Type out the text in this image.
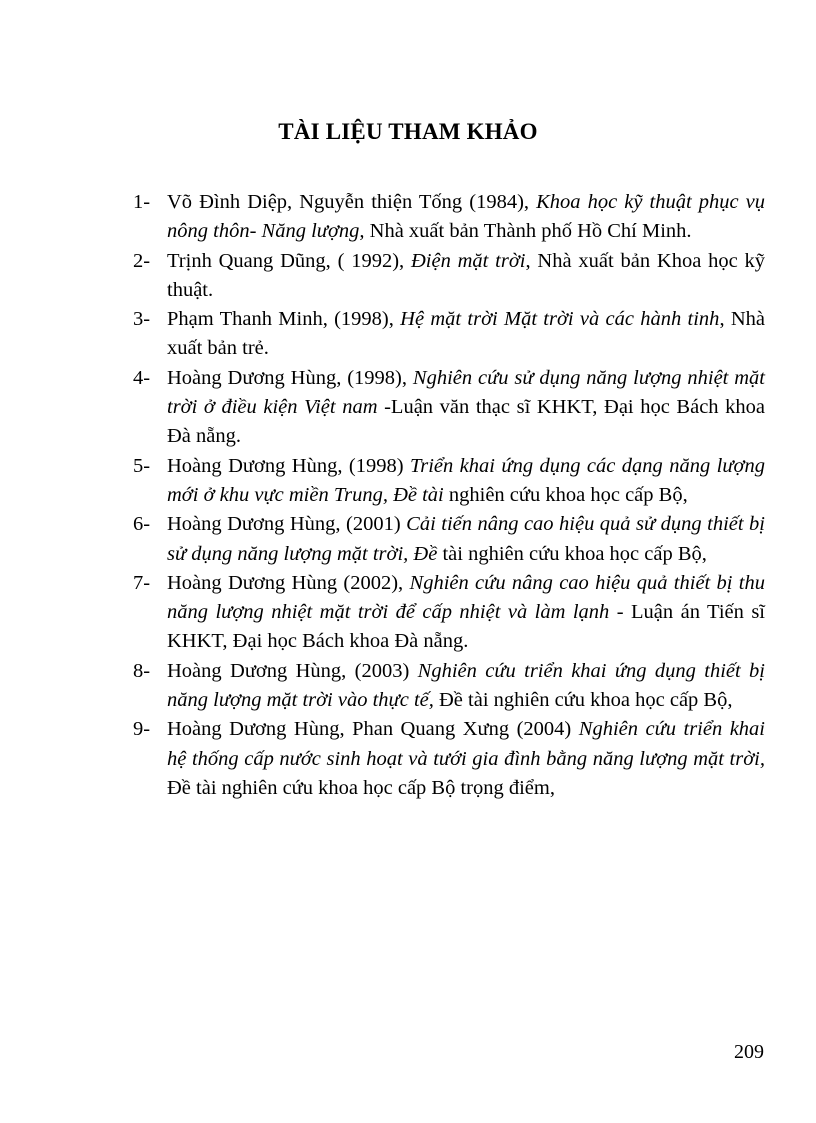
TÀI LIỆU THAM KHẢO
1- Võ Đình Diệp, Nguyễn thiện Tống (1984), Khoa học kỹ thuật phục vụ nông thôn- Năng lượng, Nhà xuất bản Thành phố Hồ Chí Minh.
2- Trịnh Quang Dũng, ( 1992), Điện mặt trời, Nhà xuất bản Khoa học kỹ thuật.
3- Phạm Thanh Minh, (1998), Hệ mặt trời Mặt trời và các hành tinh, Nhà xuất bản trẻ.
4- Hoàng Dương Hùng, (1998), Nghiên cứu sử dụng năng lượng nhiệt mặt trời ở điều kiện Việt nam -Luận văn thạc sĩ KHKT, Đại học Bách khoa Đà nẵng.
5- Hoàng Dương Hùng, (1998) Triển khai ứng dụng các dạng năng lượng mới ở khu vực miền Trung, Đề tài nghiên cứu khoa học cấp Bộ,
6- Hoàng Dương Hùng, (2001) Cải tiến nâng cao hiệu quả sử dụng thiết bị sử dụng năng lượng mặt trời, Đề tài nghiên cứu khoa học cấp Bộ,
7- Hoàng Dương Hùng (2002), Nghiên cứu nâng cao hiệu quả thiết bị thu năng lượng nhiệt mặt trời để cấp nhiệt và làm lạnh - Luận án Tiến sĩ KHKT, Đại học Bách khoa Đà nẵng.
8- Hoàng Dương Hùng, (2003) Nghiên cứu triển khai ứng dụng thiết bị năng lượng mặt trời vào thực tế, Đề tài nghiên cứu khoa học cấp Bộ,
9- Hoàng Dương Hùng, Phan Quang Xưng (2004) Nghiên cứu triển khai hệ thống cấp nước sinh hoạt và tưới gia đình bằng năng lượng mặt trời, Đề tài nghiên cứu khoa học cấp Bộ trọng điểm,
209
